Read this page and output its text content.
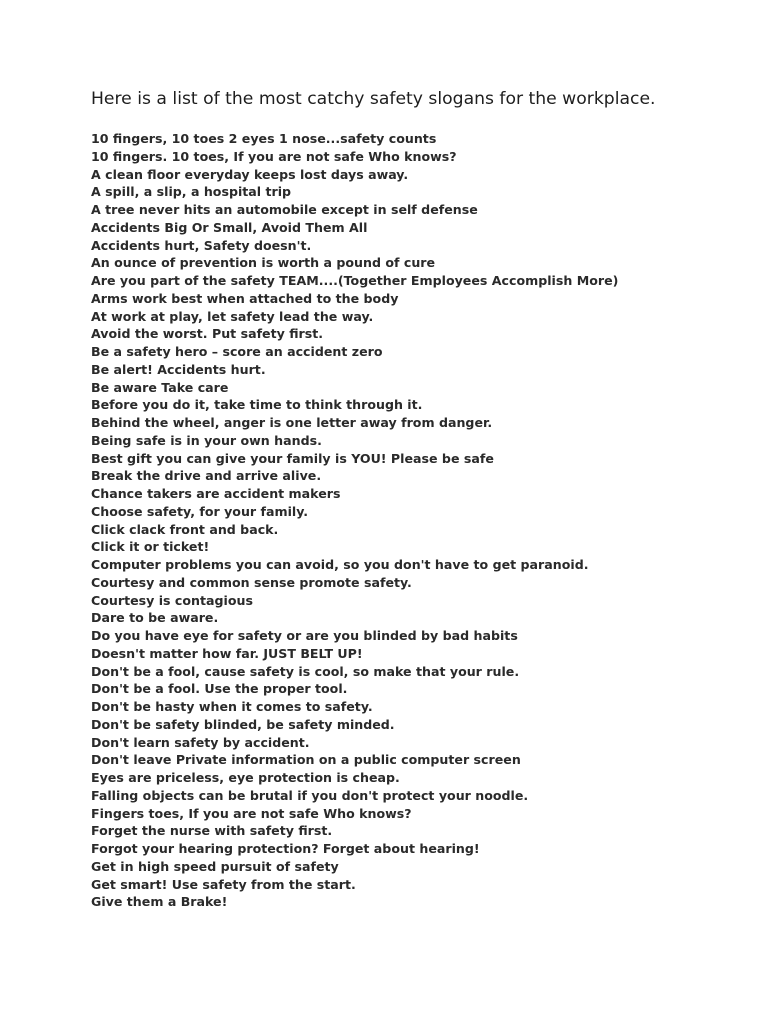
Here is a list of the most catchy safety slogans for the workplace.
10 fingers, 10 toes 2 eyes 1 nose...safety counts
10 fingers. 10 toes, If you are not safe Who knows?
A clean floor everyday keeps lost days away.
A spill, a slip, a hospital trip
A tree never hits an automobile except in self defense
Accidents Big Or Small, Avoid Them All
Accidents hurt, Safety doesn't.
An ounce of prevention is worth a pound of cure
Are you part of the safety TEAM....(Together Employees Accomplish More)
Arms work best when attached to the body
At work at play, let safety lead the way.
Avoid the worst. Put safety first.
Be a safety hero – score an accident zero
Be alert! Accidents hurt.
Be aware Take care
Before you do it, take time to think through it.
Behind the wheel, anger is one letter away from danger.
Being safe is in your own hands.
Best gift you can give your family is YOU! Please be safe
Break the drive and arrive alive.
Chance takers are accident makers
Choose safety, for your family.
Click clack front and back.
Click it or ticket!
Computer problems you can avoid, so you don't have to get paranoid.
Courtesy and common sense promote safety.
Courtesy is contagious
Dare to be aware.
Do you have eye for safety or are you blinded by bad habits
Doesn't matter how far. JUST BELT UP!
Don't be a fool, cause safety is cool, so make that your rule.
Don't be a fool. Use the proper tool.
Don't be hasty when it comes to safety.
Don't be safety blinded, be safety minded.
Don't learn safety by accident.
Don't leave Private information on a public computer screen
Eyes are priceless, eye protection is cheap.
Falling objects can be brutal if you don't protect your noodle.
Fingers toes, If you are not safe Who knows?
Forget the nurse with safety first.
Forgot your hearing protection? Forget about hearing!
Get in high speed pursuit of safety
Get smart! Use safety from the start.
Give them a Brake!
